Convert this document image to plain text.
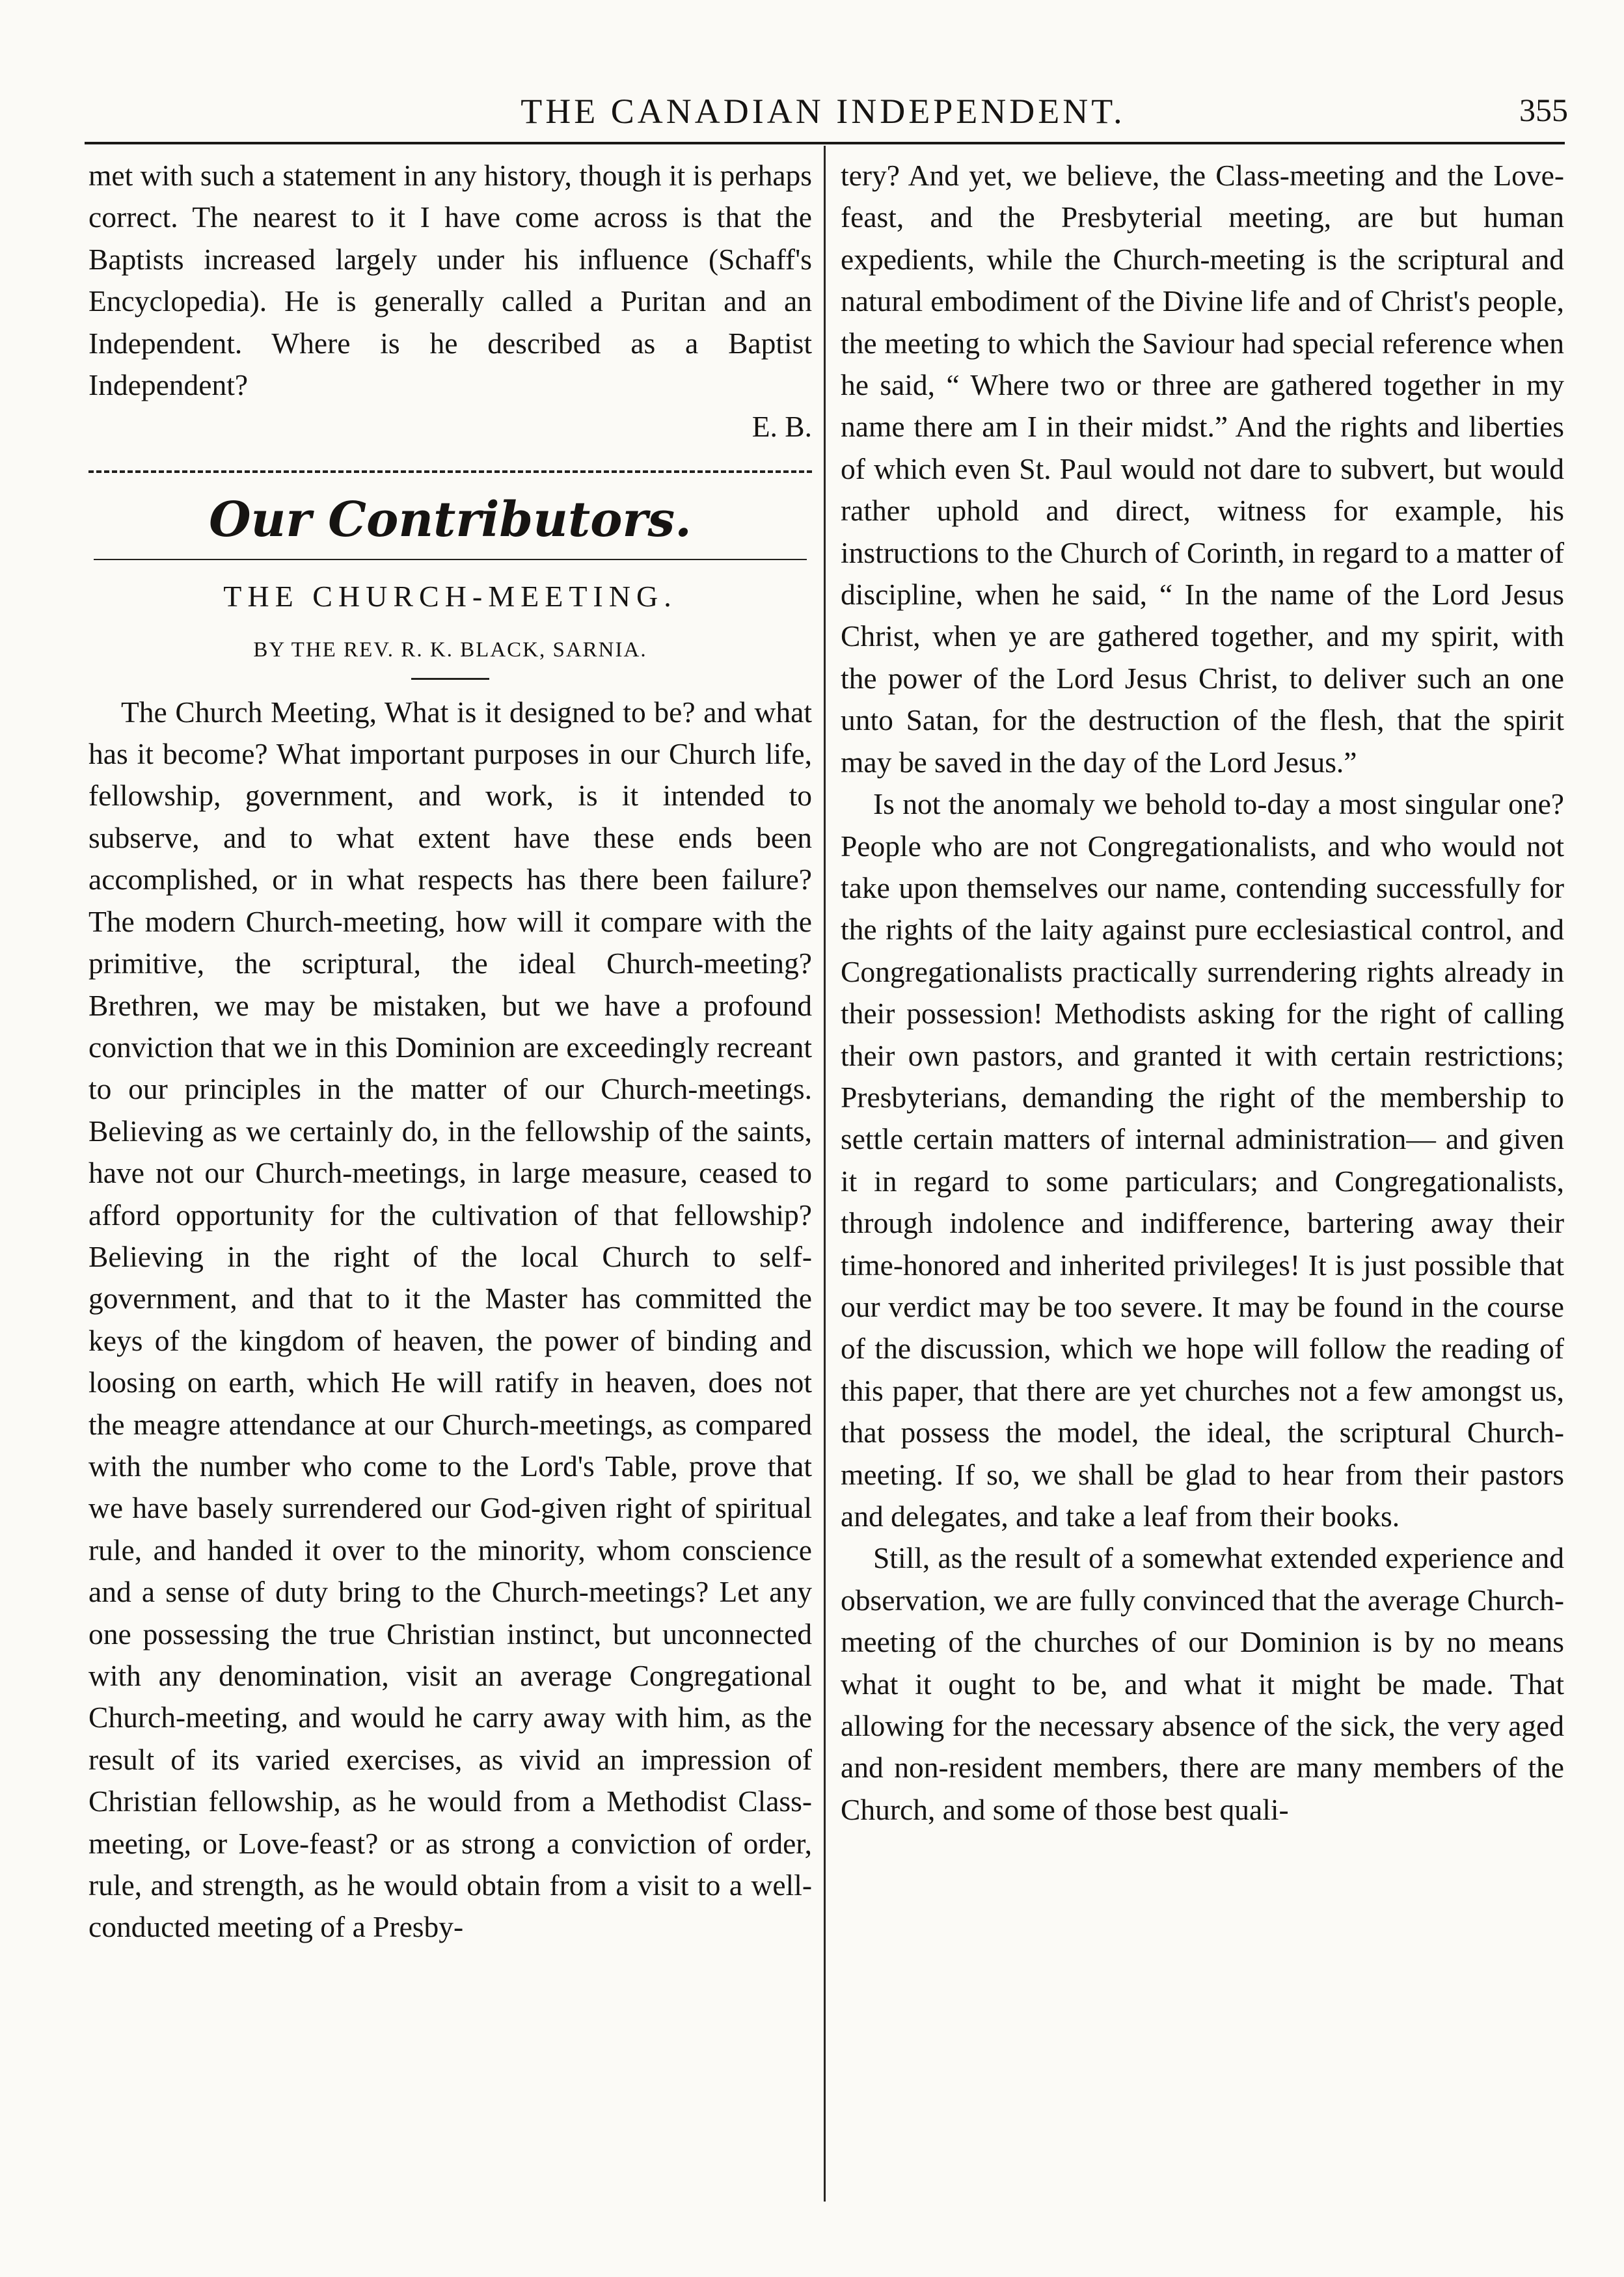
THE CANADIAN INDEPENDENT.	355

met with such a statement in any history, though it is perhaps correct. The nearest to it I have come across is that the Baptists increased largely under his influence (Schaff's Encyclopedia). He is generally called a Puritan and an Independent. Where is he described as a Baptist Independent?

E. B.

Our Contributors.
THE CHURCH-MEETING.
BY THE REV. R. K. BLACK, SARNIA.

The Church Meeting, What is it designed to be? and what has it become? What important purposes in our Church life, fellowship, government, and work, is it intended to subserve, and to what extent have these ends been accomplished, or in what respects has there been failure? The modern Church-meeting, how will it compare with the primitive, the scriptural, the ideal Church-meeting? Brethren, we may be mistaken, but we have a profound conviction that we in this Dominion are exceedingly recreant to our principles in the matter of our Church-meetings. Believing as we certainly do, in the fellowship of the saints, have not our Church-meetings, in large measure, ceased to afford opportunity for the cultivation of that fellowship? Believing in the right of the local Church to self-government, and that to it the Master has committed the keys of the kingdom of heaven, the power of binding and loosing on earth, which He will ratify in heaven, does not the meagre attendance at our Church-meetings, as compared with the number who come to the Lord's Table, prove that we have basely surrendered our God-given right of spiritual rule, and handed it over to the minority, whom conscience and a sense of duty bring to the Church-meetings? Let any one possessing the true Christian instinct, but unconnected with any denomination, visit an average Congregational Church-meeting, and would he carry away with him, as the result of its varied exercises, as vivid an impression of Christian fellowship, as he would from a Methodist Class-meeting, or Love-feast? or as strong a conviction of order, rule, and strength, as he would obtain from a visit to a well-conducted meeting of a Presby-

tery? And yet, we believe, the Class-meeting and the Love-feast, and the Presbyterial meeting, are but human expedients, while the Church-meeting is the scriptural and natural embodiment of the Divine life and of Christ's people, the meeting to which the Saviour had special reference when he said, “ Where two or three are gathered together in my name there am I in their midst.” And the rights and liberties of which even St. Paul would not dare to subvert, but would rather uphold and direct, witness for example, his instructions to the Church of Corinth, in regard to a matter of discipline, when he said, “ In the name of the Lord Jesus Christ, when ye are gathered together, and my spirit, with the power of the Lord Jesus Christ, to deliver such an one unto Satan, for the destruction of the flesh, that the spirit may be saved in the day of the Lord Jesus.”

Is not the anomaly we behold to-day a most singular one? People who are not Congregationalists, and who would not take upon themselves our name, contending successfully for the rights of the laity against pure ecclesiastical control, and Congregationalists practically surrendering rights already in their possession! Methodists asking for the right of calling their own pastors, and granted it with certain restrictions; Presbyterians, demanding the right of the membership to settle certain matters of internal administration— and given it in regard to some particulars; and Congregationalists, through indolence and indifference, bartering away their time-honored and inherited privileges! It is just possible that our verdict may be too severe. It may be found in the course of the discussion, which we hope will follow the reading of this paper, that there are yet churches not a few amongst us, that possess the model, the ideal, the scriptural Church-meeting. If so, we shall be glad to hear from their pastors and delegates, and take a leaf from their books.

Still, as the result of a somewhat extended experience and observation, we are fully convinced that the average Church-meeting of the churches of our Dominion is by no means what it ought to be, and what it might be made. That allowing for the necessary absence of the sick, the very aged and non-resident members, there are many members of the Church, and some of those best quali-
